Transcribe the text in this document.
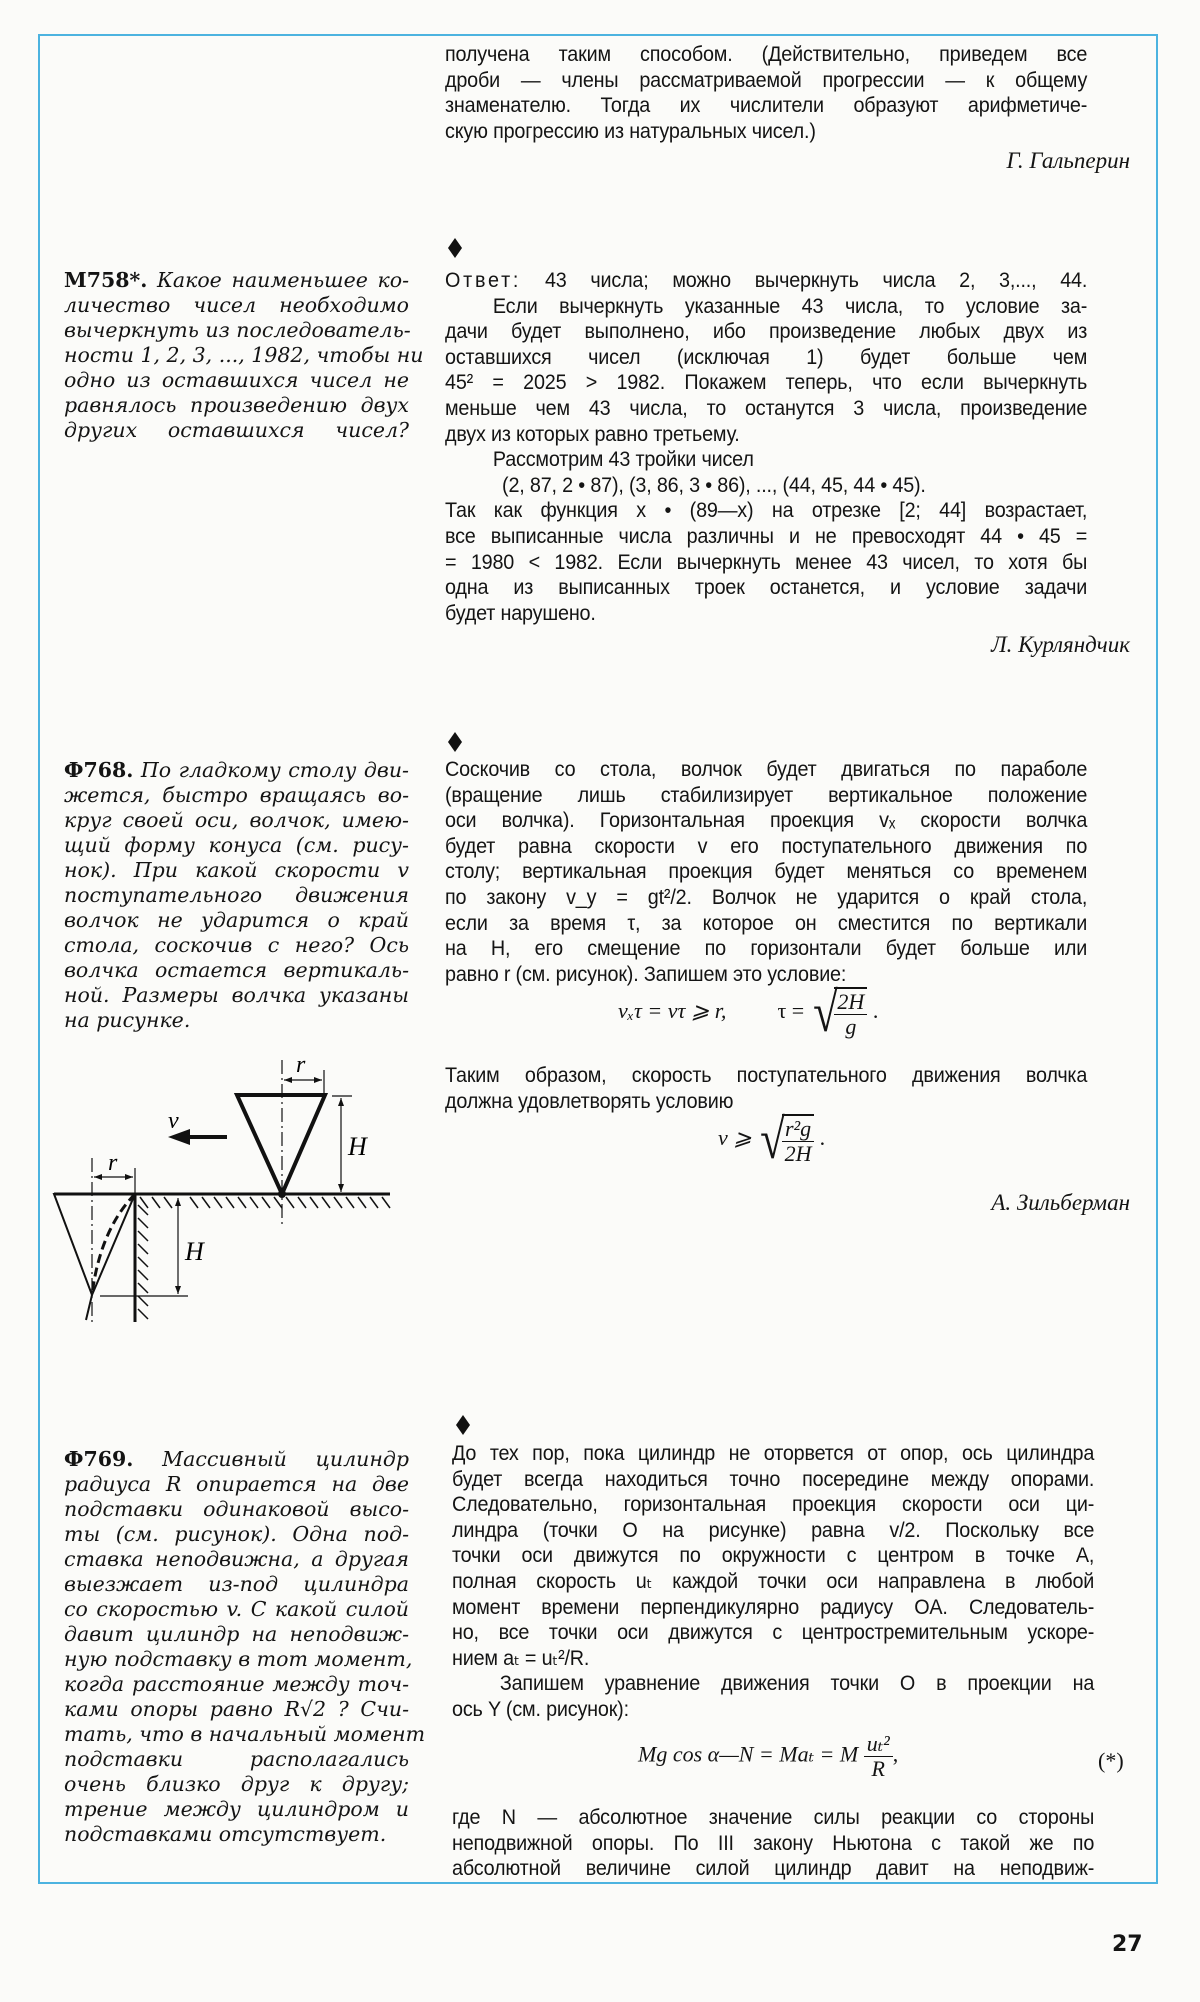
получена таким способом. (Действительно, приведем все
дроби — члены рассматриваемой прогрессии — к общему
знаменателю. Тогда их числители образуют арифметиче-
скую прогрессию из натуральных чисел.)
Г. Гальперин
M758*. Какое наименьшее ко-
личество чисел необходимо
вычеркнуть из последователь-
ности 1, 2, 3, ..., 1982, чтобы ни
одно из оставшихся чисел не
равнялось произведению двух
других оставшихся чисел?
Ответ: 43 числа; можно вычеркнуть числа 2, 3,..., 44.
Если вычеркнуть указанные 43 числа, то условие за-
дачи будет выполнено, ибо произведение любых двух из
оставшихся чисел (исключая 1) будет больше чем
45² = 2025 > 1982. Покажем теперь, что если вычеркнуть
меньше чем 43 числа, то останутся 3 числа, произведение
двух из которых равно третьему.
Рассмотрим 43 тройки чисел
(2, 87, 2 • 87), (3, 86, 3 • 86), ..., (44, 45, 44 • 45).
Так как функция x • (89—x) на отрезке [2; 44] возрастает,
все выписанные числа различны и не превосходят 44 • 45 =
= 1980 < 1982. Если вычеркнуть менее 43 чисел, то хотя бы
одна из выписанных троек останется, и условие задачи
будет нарушено.
Л. Курляндчик
Ф768. По гладкому столу дви-
жется, быстро вращаясь во-
круг своей оси, волчок, имею-
щий форму конуса (см. рису-
нок). При какой скорости v
поступательного движения
волчок не ударится о край
стола, соскочив с него? Ось
волчка остается вертикаль-
ной. Размеры волчка указаны
на рисунке.
r
H
v
r
H
Соскочив со стола, волчок будет двигаться по параболе
(вращение лишь стабилизирует вертикальное положение
оси волчка). Горизонтальная проекция vₓ скорости волчка
будет равна скорости v его поступательного движения по
столу; вертикальная проекция будет меняться со временем
по закону v_y = gt²/2. Волчок не ударится о край стола,
если за время τ, за которое он сместится по вертикали
на H, его смещение по горизонтали будет больше или
равно r (см. рисунок). Запишем это условие:
vₓτ = vτ ⩾ r, τ = √
$\frac{2H}{g}$ .
Таким образом, скорость поступательного движения волчка
должна удовлетворять условию
v ⩾ √
$\frac{\text{r²g}}{2H}$ .
А. Зильберман
Ф769. Массивный цилиндр
радиуса R опирается на две
подставки одинаковой высо-
ты (см. рисунок). Одна под-
ставка неподвижна, а другая
выезжает из-под цилиндра
со скоростью v. С какой силой
давит цилиндр на неподвиж-
ную подставку в тот момент,
когда расстояние между точ-
ками опоры равно R√2 ? Счи-
тать, что в начальный момент
подставки располагались
очень близко друг к другу;
трение между цилиндром и
подставками отсутствует.
До тех пор, пока цилиндр не оторвется от опор, ось цилиндра
будет всегда находиться точно посередине между опорами.
Следовательно, горизонтальная проекция скорости оси ци-
линдра (точки O на рисунке) равна v/2. Поскольку все
точки оси движутся по окружности с центром в точке A,
полная скорость uₜ каждой точки оси направлена в любой
момент времени перпендикулярно радиусу OA. Следователь-
но, все точки оси движутся с центростремительным ускоре-
нием aₜ = uₜ²/R.
Запишем уравнение движения точки O в проекции на
ось Y (см. рисунок):
Mg cos α—N = Maₜ = M $\frac{\text{uₜ²}}{R}$ ,	(*)
где N — абсолютное значение силы реакции со стороны
неподвижной опоры. По III закону Ньютона с такой же по
абсолютной величине силой цилиндр давит на неподвиж-
27
